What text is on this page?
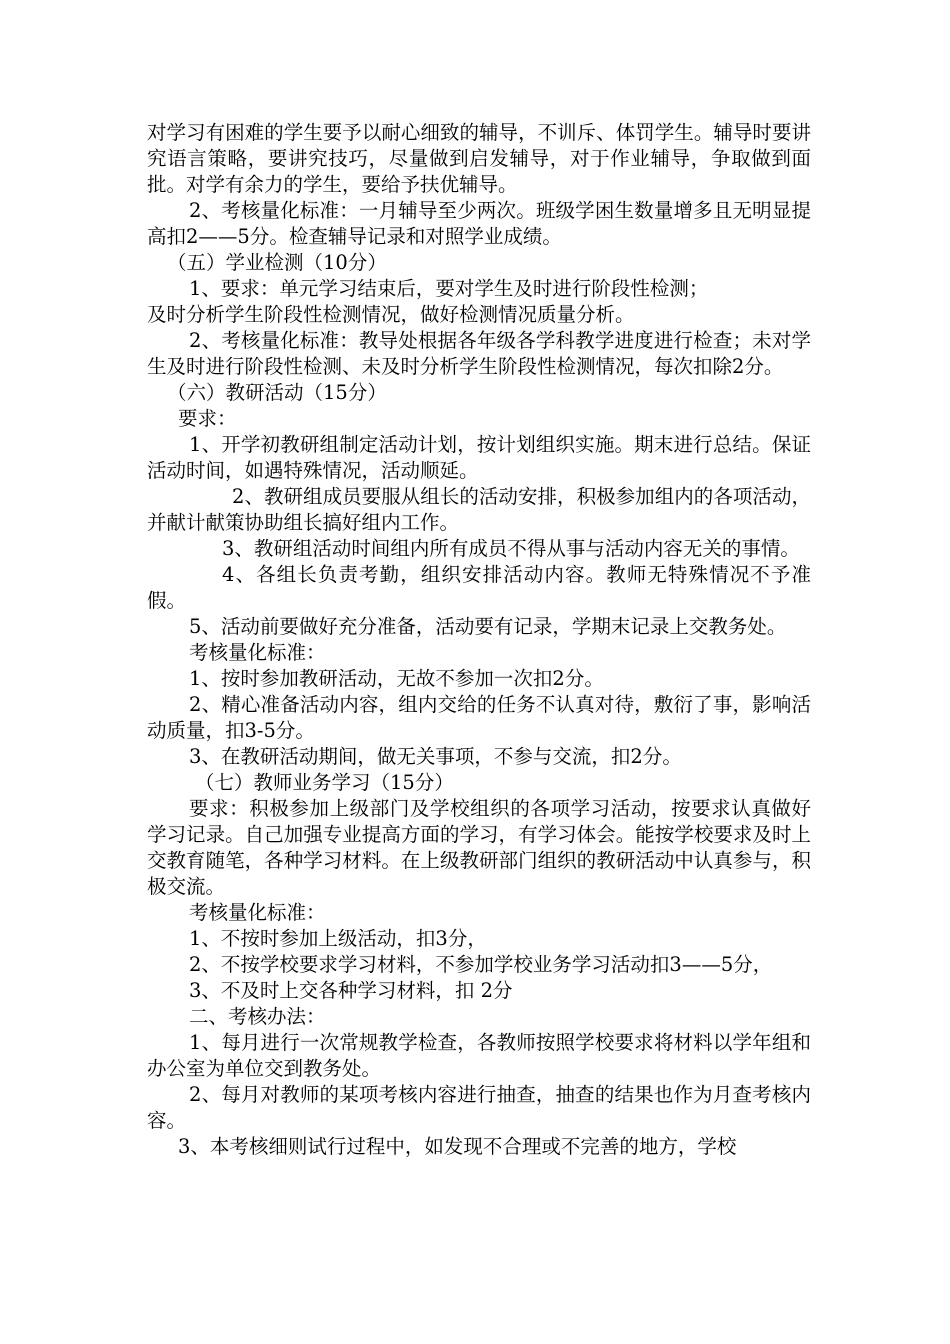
对学习有困难的学生要予以耐心细致的辅导，不训斥、体罚学生。辅导时要讲究语言策略，要讲究技巧，尽量做到启发辅导，对于作业辅导，争取做到面批。对学有余力的学生，要给予扶优辅导。

2、考核量化标准：一月辅导至少两次。班级学困生数量增多且无明显提高扣2——5分。检查辅导记录和对照学业成绩。

（五）学业检测（10分）

1、要求：单元学习结束后，要对学生及时进行阶段性检测；

及时分析学生阶段性检测情况，做好检测情况质量分析。

2、考核量化标准：教导处根据各年级各学科教学进度进行检查；未对学生及时进行阶段性检测、未及时分析学生阶段性检测情况，每次扣除2分。

（六）教研活动（15分）

要求：

1、开学初教研组制定活动计划，按计划组织实施。期末进行总结。保证活动时间，如遇特殊情况，活动顺延。

2、教研组成员要服从组长的活动安排，积极参加组内的各项活动，并献计献策协助组长搞好组内工作。

3、教研组活动时间组内所有成员不得从事与活动内容无关的事情。

4、各组长负责考勤，组织安排活动内容。教师无特殊情况不予准假。

5、活动前要做好充分准备，活动要有记录，学期末记录上交教务处。

考核量化标准：

1、按时参加教研活动，无故不参加一次扣2分。

2、精心准备活动内容，组内交给的任务不认真对待，敷衍了事，影响活动质量，扣3-5分。

3、在教研活动期间，做无关事项，不参与交流，扣2分。

（七）教师业务学习（15分）

要求：积极参加上级部门及学校组织的各项学习活动，按要求认真做好学习记录。自己加强专业提高方面的学习，有学习体会。能按学校要求及时上交教育随笔，各种学习材料。在上级教研部门组织的教研活动中认真参与，积极交流。

考核量化标准：

1、不按时参加上级活动，扣3分，

2、不按学校要求学习材料，不参加学校业务学习活动扣3——5分，

3、不及时上交各种学习材料，扣 2分

二、考核办法：

1、每月进行一次常规教学检查，各教师按照学校要求将材料以学年组和办公室为单位交到教务处。

2、每月对教师的某项考核内容进行抽查，抽查的结果也作为月查考核内容。

3、本考核细则试行过程中，如发现不合理或不完善的地方，学校
